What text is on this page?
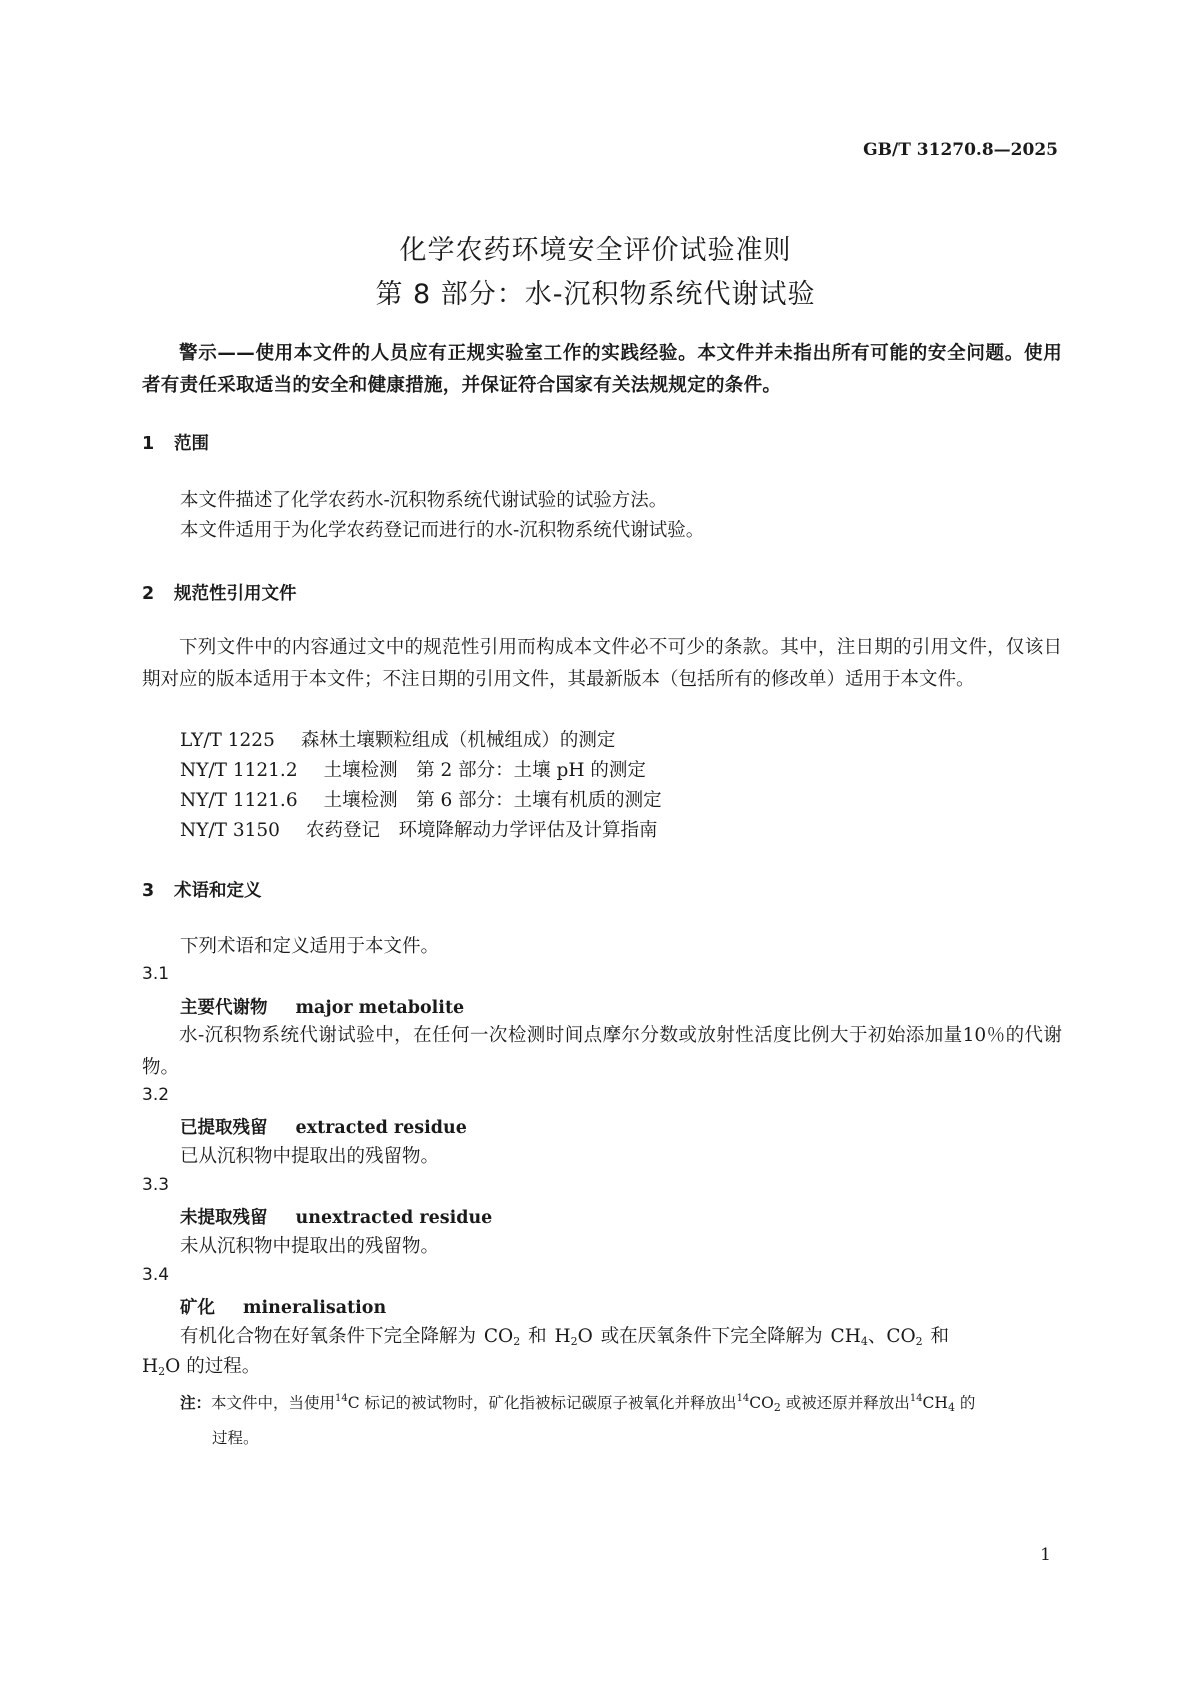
GB/T 31270.8—2025
化学农药环境安全评价试验准则
第 8 部分：水-沉积物系统代谢试验
警示——使用本文件的人员应有正规实验室工作的实践经验。本文件并未指出所有可能的安全问题。使用者有责任采取适当的安全和健康措施，并保证符合国家有关法规规定的条件。
1 范围
本文件描述了化学农药水-沉积物系统代谢试验的试验方法。
本文件适用于为化学农药登记而进行的水-沉积物系统代谢试验。
2 规范性引用文件
下列文件中的内容通过文中的规范性引用而构成本文件必不可少的条款。其中，注日期的引用文件，仅该日期对应的版本适用于本文件；不注日期的引用文件，其最新版本（包括所有的修改单）适用于本文件。
LY/T 1225 森林土壤颗粒组成（机械组成）的测定
NY/T 1121.2 土壤检测　第 2 部分：土壤 pH 的测定
NY/T 1121.6 土壤检测　第 6 部分：土壤有机质的测定
NY/T 3150 农药登记　环境降解动力学评估及计算指南
3 术语和定义
下列术语和定义适用于本文件。
3.1
主要代谢物 major metabolite
水-沉积物系统代谢试验中，在任何一次检测时间点摩尔分数或放射性活度比例大于初始添加量10％的代谢物。
3.2
已提取残留 extracted residue
已从沉积物中提取出的残留物。
3.3
未提取残留 unextracted residue
未从沉积物中提取出的残留物。
3.4
矿化 mineralisation
有机化合物在好氧条件下完全降解为 $CO_2$ 和 $H_2O$ 或在厌氧条件下完全降解为 $CH_4$、$CO_2$ 和
$H_2O$ 的过程。
注：本文件中，当使用$^{14}$C 标记的被试物时，矿化指被标记碳原子被氧化并释放出$^{14}CO_2$ 或被还原并释放出$^{14}CH_4$ 的
过程。
1
